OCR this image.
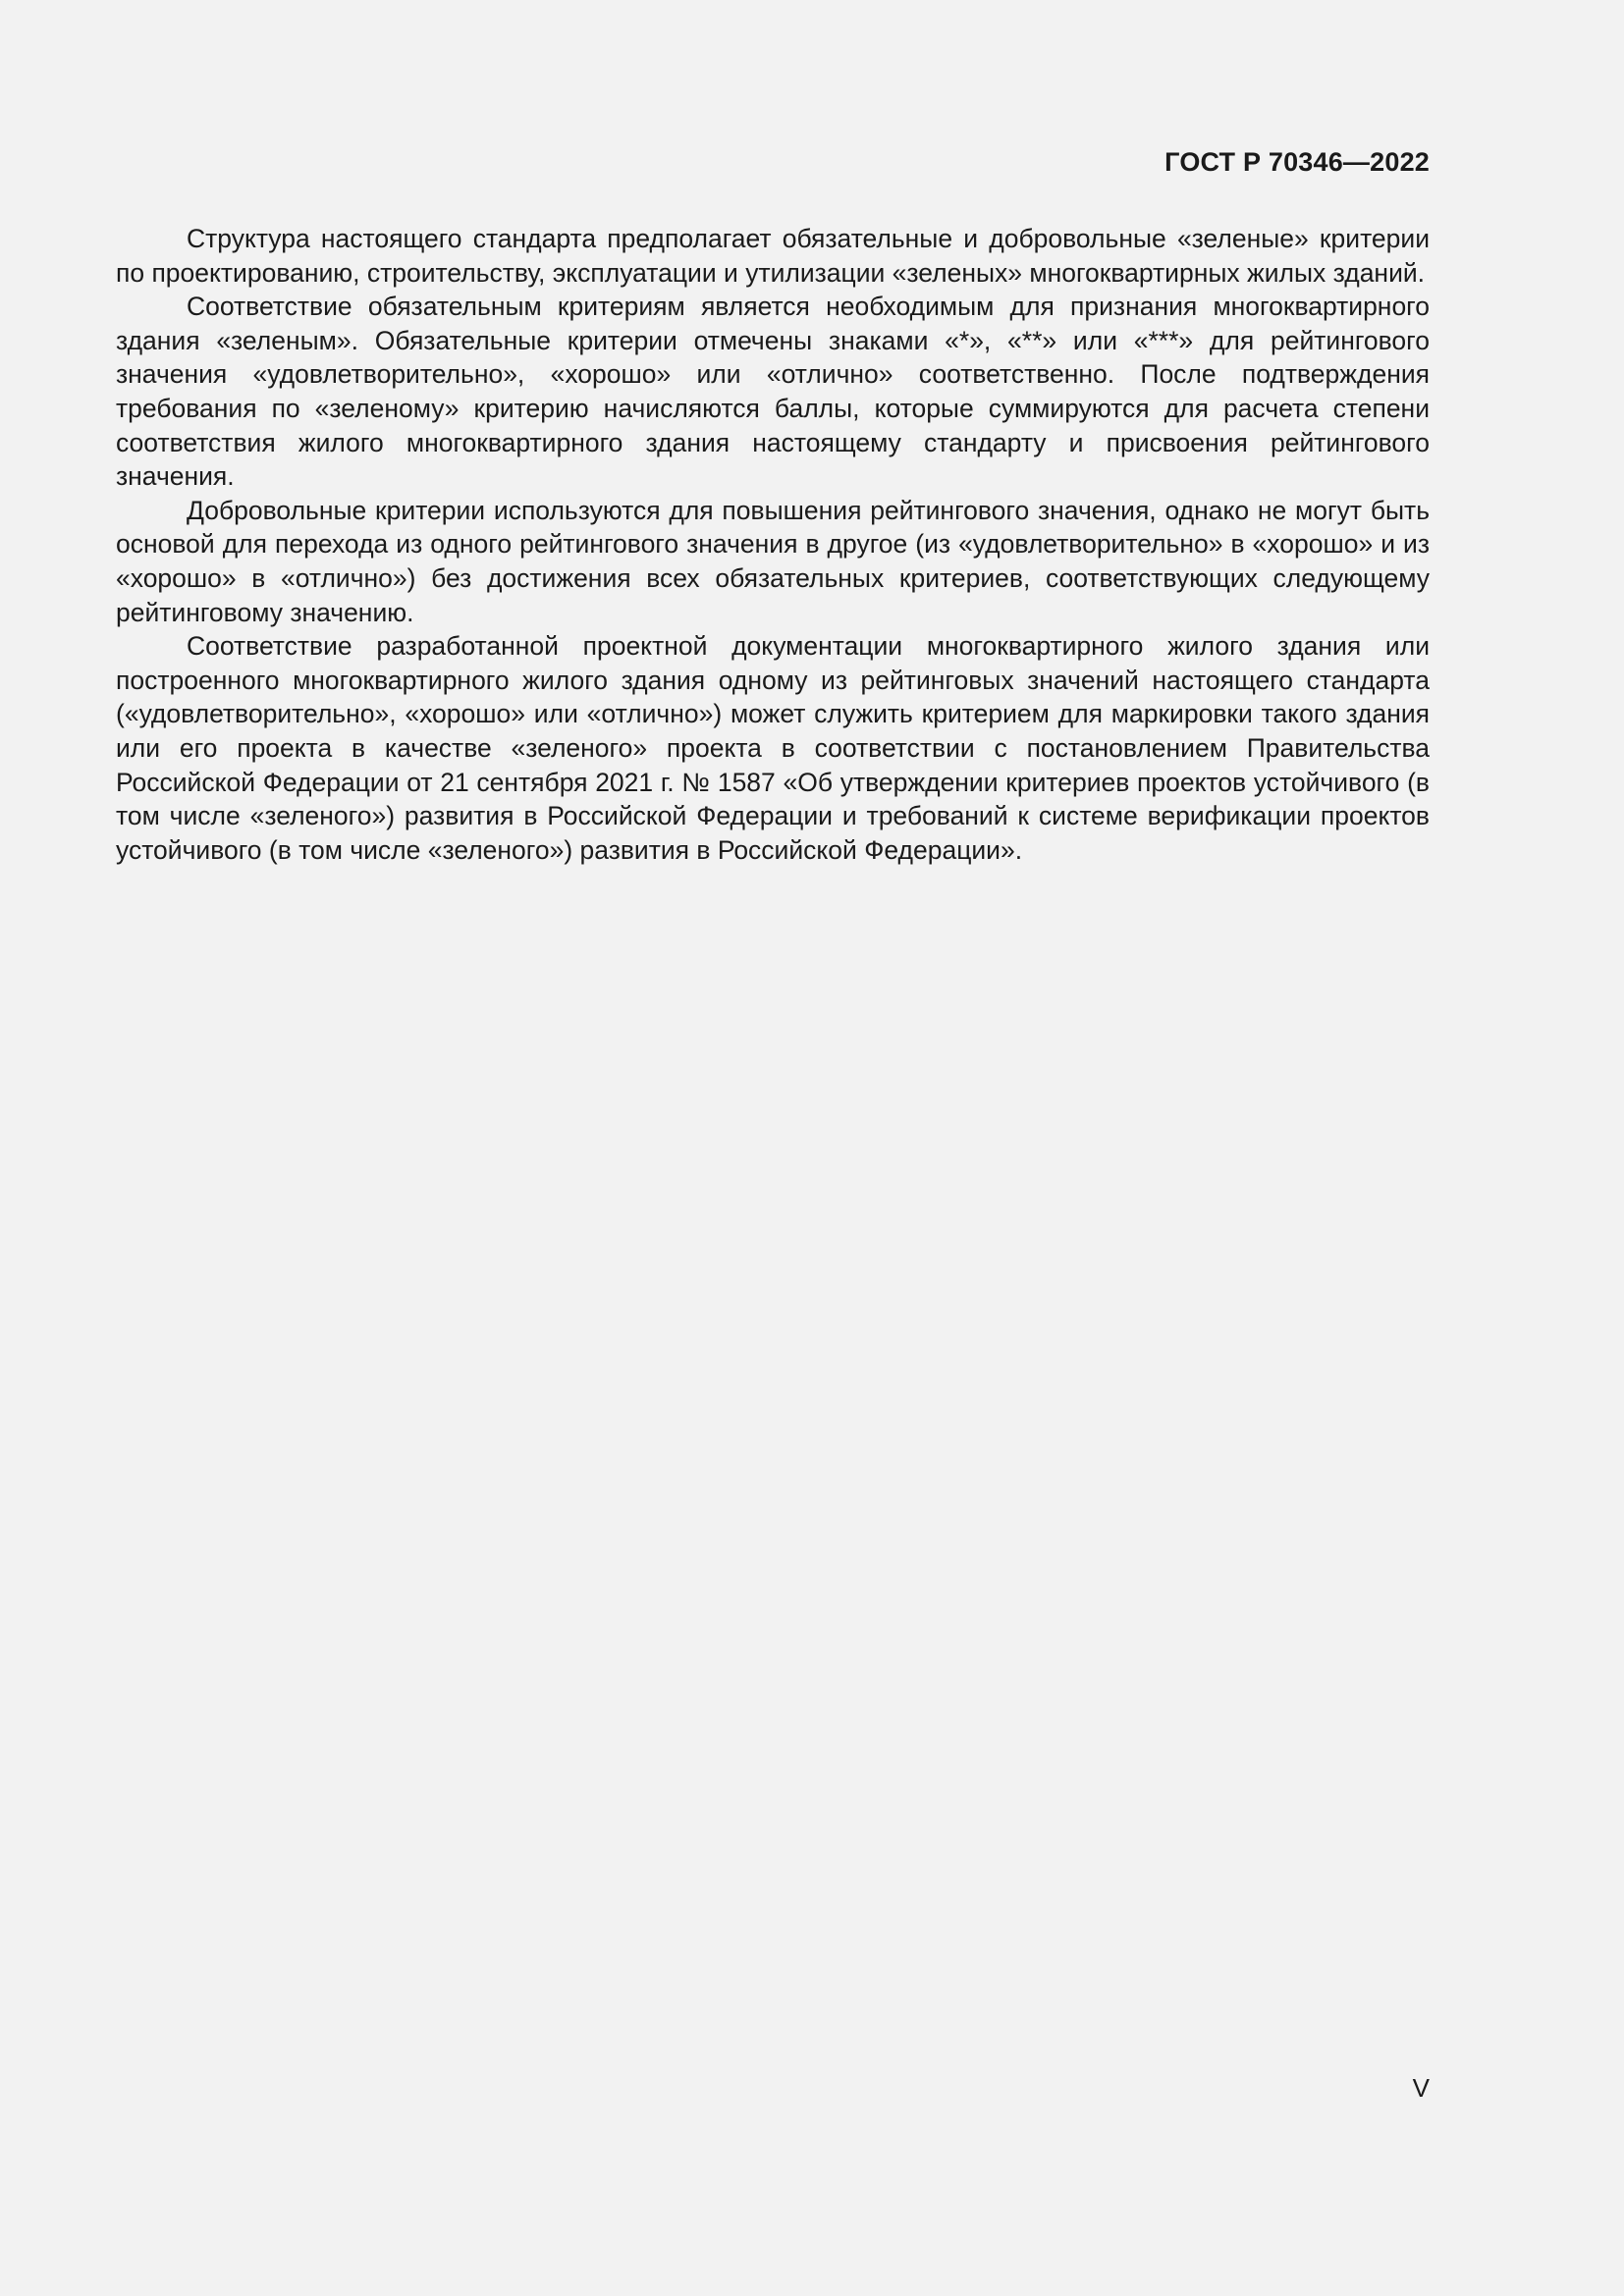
ГОСТ Р 70346—2022

Структура настоящего стандарта предполагает обязательные и добровольные «зеленые» критерии по проектированию, строительству, эксплуатации и утилизации «зеленых» многоквартирных жилых зданий.

Соответствие обязательным критериям является необходимым для признания многоквартирного здания «зеленым». Обязательные критерии отмечены знаками «*», «**» или «***» для рейтингового значения «удовлетворительно», «хорошо» или «отлично» соответственно. После подтверждения требования по «зеленому» критерию начисляются баллы, которые суммируются для расчета степени соответствия жилого многоквартирного здания настоящему стандарту и присвоения рейтингового значения.

Добровольные критерии используются для повышения рейтингового значения, однако не могут быть основой для перехода из одного рейтингового значения в другое (из «удовлетворительно» в «хорошо» и из «хорошо» в «отлично») без достижения всех обязательных критериев, соответствующих следующему рейтинговому значению.

Соответствие разработанной проектной документации многоквартирного жилого здания или построенного многоквартирного жилого здания одному из рейтинговых значений настоящего стандарта («удовлетворительно», «хорошо» или «отлично») может служить критерием для маркировки такого здания или его проекта в качестве «зеленого» проекта в соответствии с постановлением Правительства Российской Федерации от 21 сентября 2021 г. № 1587 «Об утверждении критериев проектов устойчивого (в том числе «зеленого») развития в Российской Федерации и требований к системе верификации проектов устойчивого (в том числе «зеленого») развития в Российской Федерации».

V
